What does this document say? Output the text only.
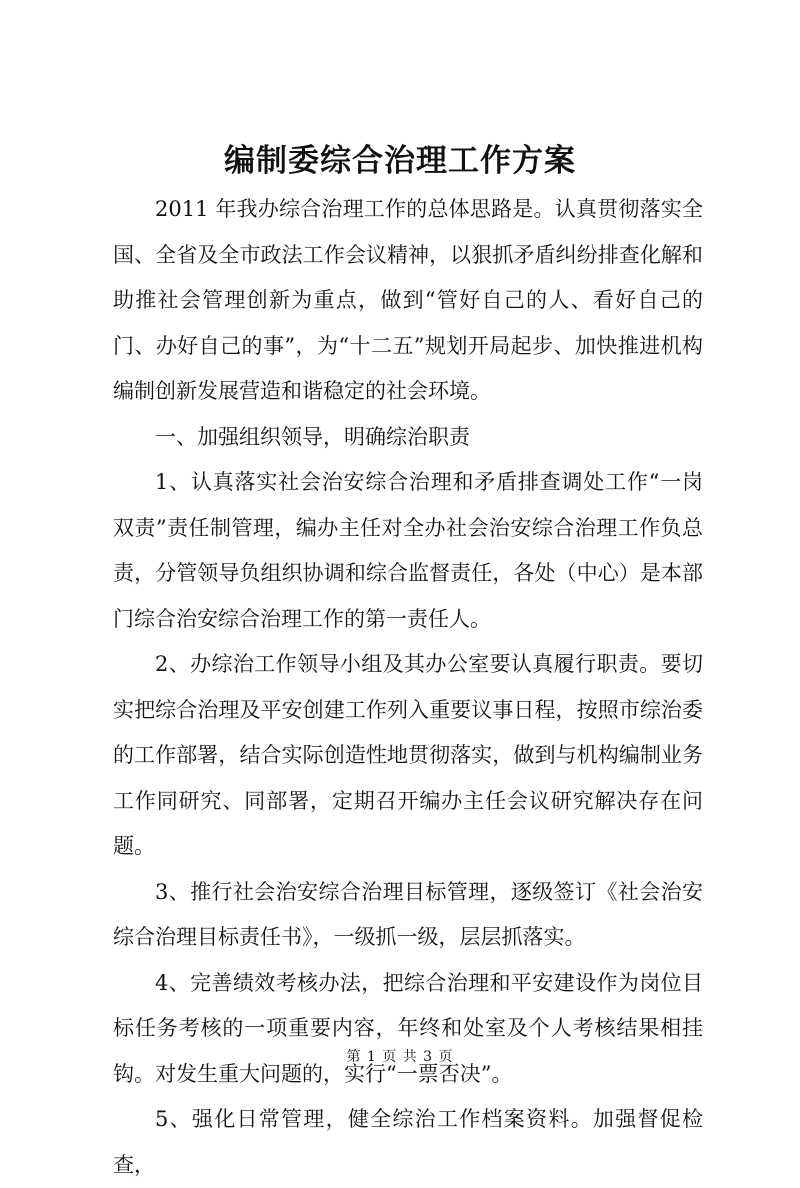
编制委综合治理工作方案

2011 年我办综合治理工作的总体思路是。认真贯彻落实全国、全省及全市政法工作会议精神，以狠抓矛盾纠纷排查化解和助推社会管理创新为重点，做到“管好自己的人、看好自己的门、办好自己的事”，为“十二五”规划开局起步、加快推进机构编制创新发展营造和谐稳定的社会环境。

一、加强组织领导，明确综治职责

1、认真落实社会治安综合治理和矛盾排查调处工作“一岗双责”责任制管理，编办主任对全办社会治安综合治理工作负总责，分管领导负组织协调和综合监督责任，各处（中心）是本部门综合治安综合治理工作的第一责任人。

2、办综治工作领导小组及其办公室要认真履行职责。要切实把综合治理及平安创建工作列入重要议事日程，按照市综治委的工作部署，结合实际创造性地贯彻落实，做到与机构编制业务工作同研究、同部署，定期召开编办主任会议研究解决存在问题。

3、推行社会治安综合治理目标管理，逐级签订《社会治安综合治理目标责任书》，一级抓一级，层层抓落实。

4、完善绩效考核办法，把综合治理和平安建设作为岗位目标任务考核的一项重要内容，年终和处室及个人考核结果相挂钩。对发生重大问题的，实行“一票否决”。

5、强化日常管理，健全综治工作档案资料。加强督促检查，

第 1 页 共 3 页
